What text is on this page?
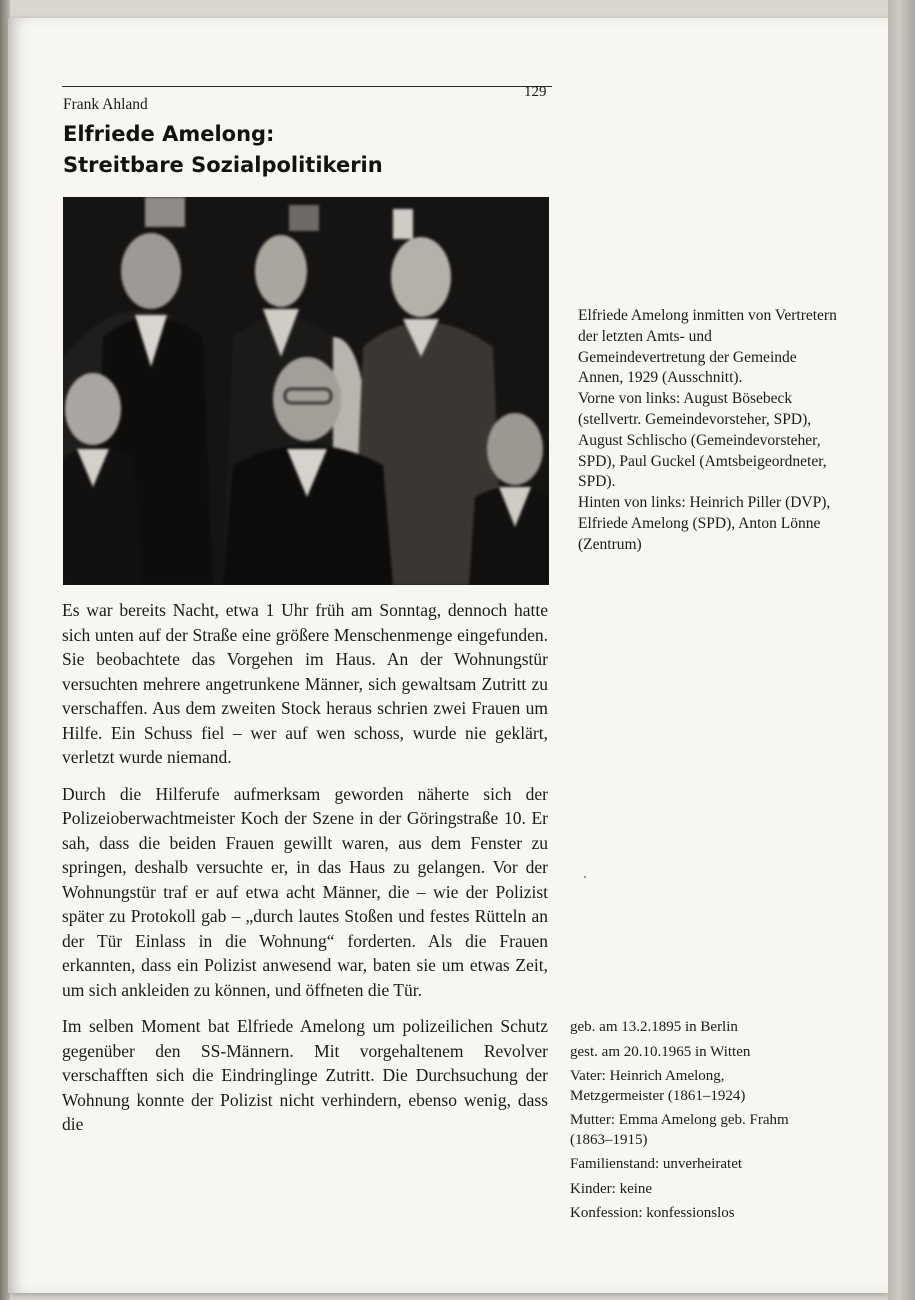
129
Frank Ahland
Elfriede Amelong:
Streitbare Sozialpolitikerin

Elfriede Amelong inmitten von Vertretern der letzten Amts- und Gemeindevertretung der Gemeinde Annen, 1929 (Ausschnitt).

Vorne von links: August Bösebeck (stellvertr. Gemeindevorsteher, SPD), August Schlischo (Gemeindevorsteher, SPD), Paul Guckel (Amtsbeigeordneter, SPD).

Hinten von links: Heinrich Piller (DVP), Elfriede Amelong (SPD), Anton Lönne (Zentrum)

Es war bereits Nacht, etwa 1 Uhr früh am Sonntag, dennoch hatte sich unten auf der Straße eine größere Menschenmenge eingefunden. Sie beobachtete das Vorgehen im Haus. An der Wohnungstür versuchten mehrere angetrunkene Männer, sich gewaltsam Zutritt zu verschaffen. Aus dem zweiten Stock heraus schrien zwei Frauen um Hilfe. Ein Schuss fiel – wer auf wen schoss, wurde nie geklärt, verletzt wurde niemand.

Durch die Hilferufe aufmerksam geworden näherte sich der Polizeioberwachtmeister Koch der Szene in der Göringstraße 10. Er sah, dass die beiden Frauen gewillt waren, aus dem Fenster zu springen, deshalb versuchte er, in das Haus zu gelangen. Vor der Wohnungstür traf er auf etwa acht Männer, die – wie der Polizist später zu Protokoll gab – „durch lautes Stoßen und festes Rütteln an der Tür Einlass in die Wohnung“ forderten. Als die Frauen erkannten, dass ein Polizist anwesend war, baten sie um etwas Zeit, um sich ankleiden zu können, und öffneten die Tür.

Im selben Moment bat Elfriede Amelong um polizeilichen Schutz gegenüber den SS-Männern. Mit vorgehaltenem Revolver verschafften sich die Eindringlinge Zutritt. Die Durchsuchung der Wohnung konnte der Polizist nicht verhindern, ebenso wenig, dass die

geb. am 13.2.1895 in Berlin
gest. am 20.10.1965 in Witten
Vater: Heinrich Amelong, Metzgermeister (1861–1924)
Mutter: Emma Amelong geb. Frahm (1863–1915)
Familienstand: unverheiratet
Kinder: keine
Konfession: konfessionslos
